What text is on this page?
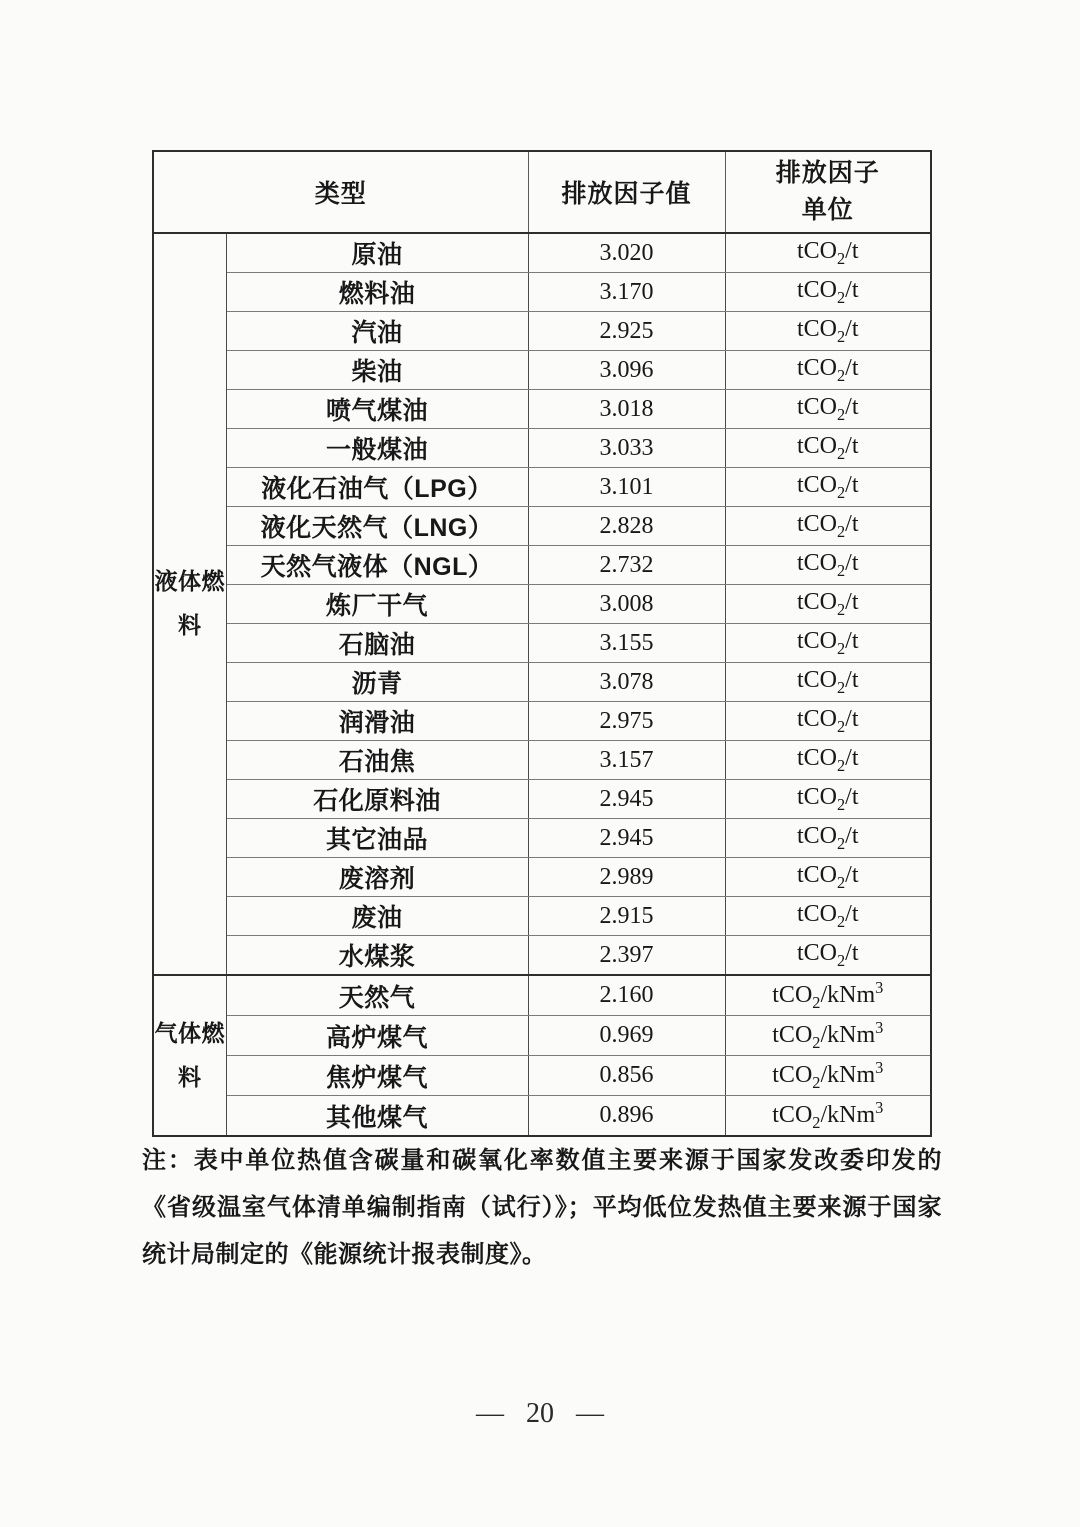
类型		排放因子值	排放因子
单位

液体燃料	原油	3.020	tCO$_2$/t
	燃料油	3.170	tCO$_2$/t
	汽油	2.925	tCO$_2$/t
	柴油	3.096	tCO$_2$/t
	喷气煤油	3.018	tCO$_2$/t
	一般煤油	3.033	tCO$_2$/t
	液化石油气（LPG）	3.101	tCO$_2$/t
	液化天然气（LNG）	2.828	tCO$_2$/t
	天然气液体（NGL）	2.732	tCO$_2$/t
	炼厂干气	3.008	tCO$_2$/t
	石脑油	3.155	tCO$_2$/t
	沥青	3.078	tCO$_2$/t
	润滑油	2.975	tCO$_2$/t
	石油焦	3.157	tCO$_2$/t
	石化原料油	2.945	tCO$_2$/t
	其它油品	2.945	tCO$_2$/t
	废溶剂	2.989	tCO$_2$/t
	废油	2.915	tCO$_2$/t
	水煤浆	2.397	tCO$_2$/t
气体燃料	天然气	2.160	tCO$_2$/kNm$^3$
	高炉煤气	0.969	tCO$_2$/kNm$^3$
	焦炉煤气	0.856	tCO$_2$/kNm$^3$
	其他煤气	0.896	tCO$_2$/kNm$^3$

注：表中单位热值含碳量和碳氧化率数值主要来源于国家发改委印发的《省级温室气体清单编制指南（试行）》；平均低位发热值主要来源于国家统计局制定的《能源统计报表制度》。

— 20 —
